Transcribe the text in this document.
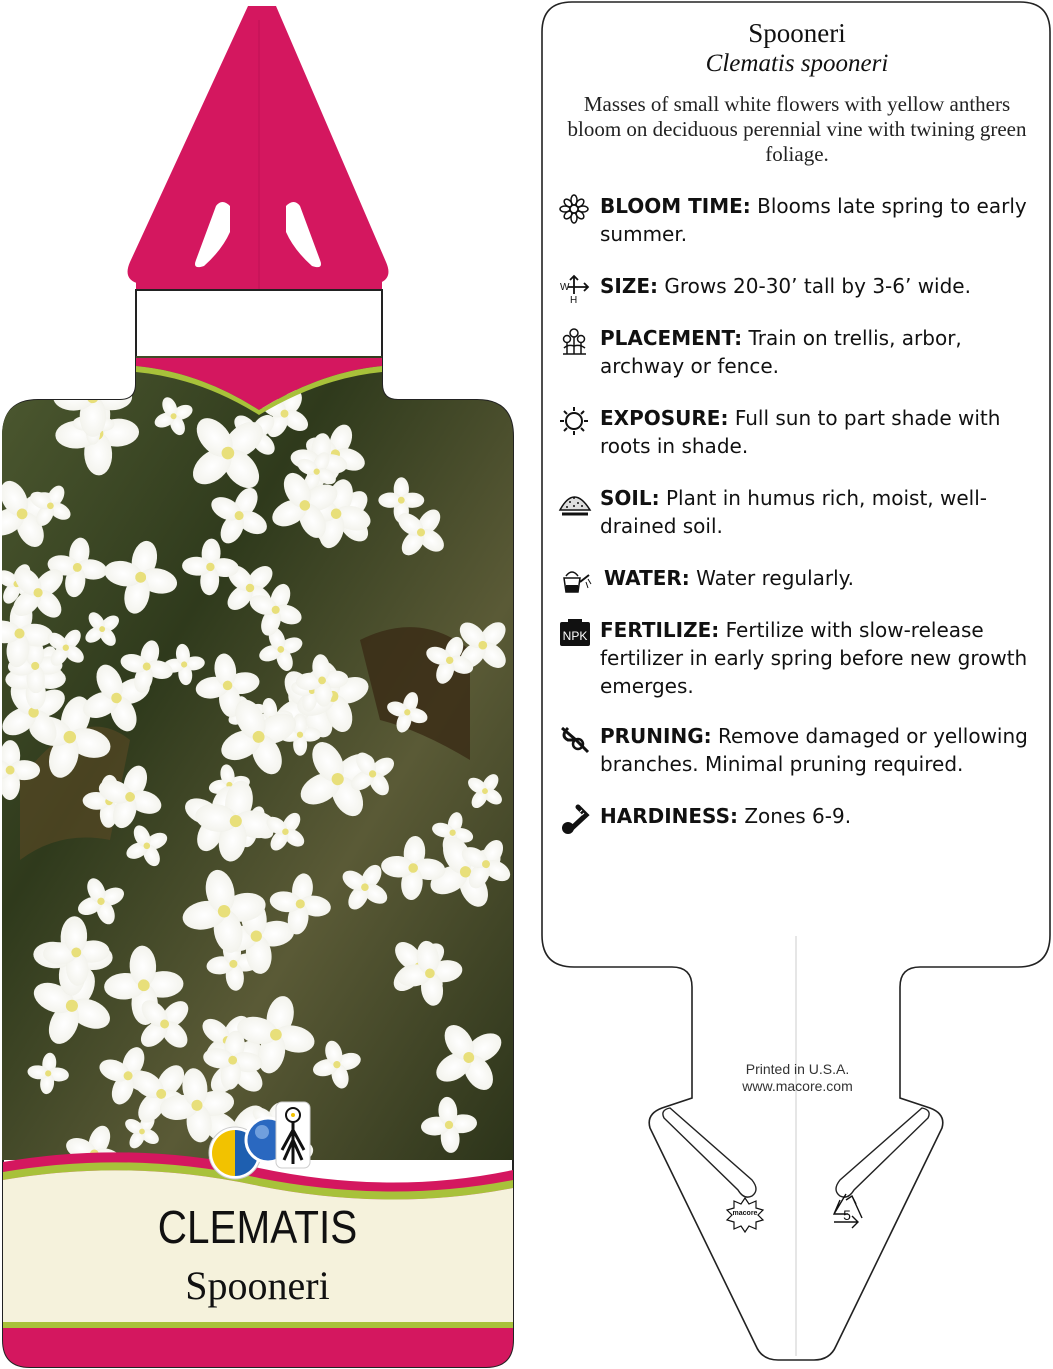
CLEMATIS
Spooneri
macore	5
Spooneri
Clematis spooneri
Masses of small white flowers with yellow anthers bloom on deciduous perennial vine with twining green foliage.
BLOOM TIME: Blooms late spring to early summer.
W
H
SIZE: Grows 20-30’ tall by 3-6’ wide.
PLACEMENT: Train on trellis, arbor, archway or fence.
EXPOSURE: Full sun to part shade with roots in shade.
SOIL: Plant in humus rich, moist, well-drained soil.
WATER: Water regularly.
NPK FERTILIZE: Fertilize with slow-release fertilizer in early spring before new growth emerges.
PRUNING: Remove damaged or yellowing branches. Minimal pruning required.
HARDINESS: Zones 6-9.
Printed in U.S.A.
www.macore.com
